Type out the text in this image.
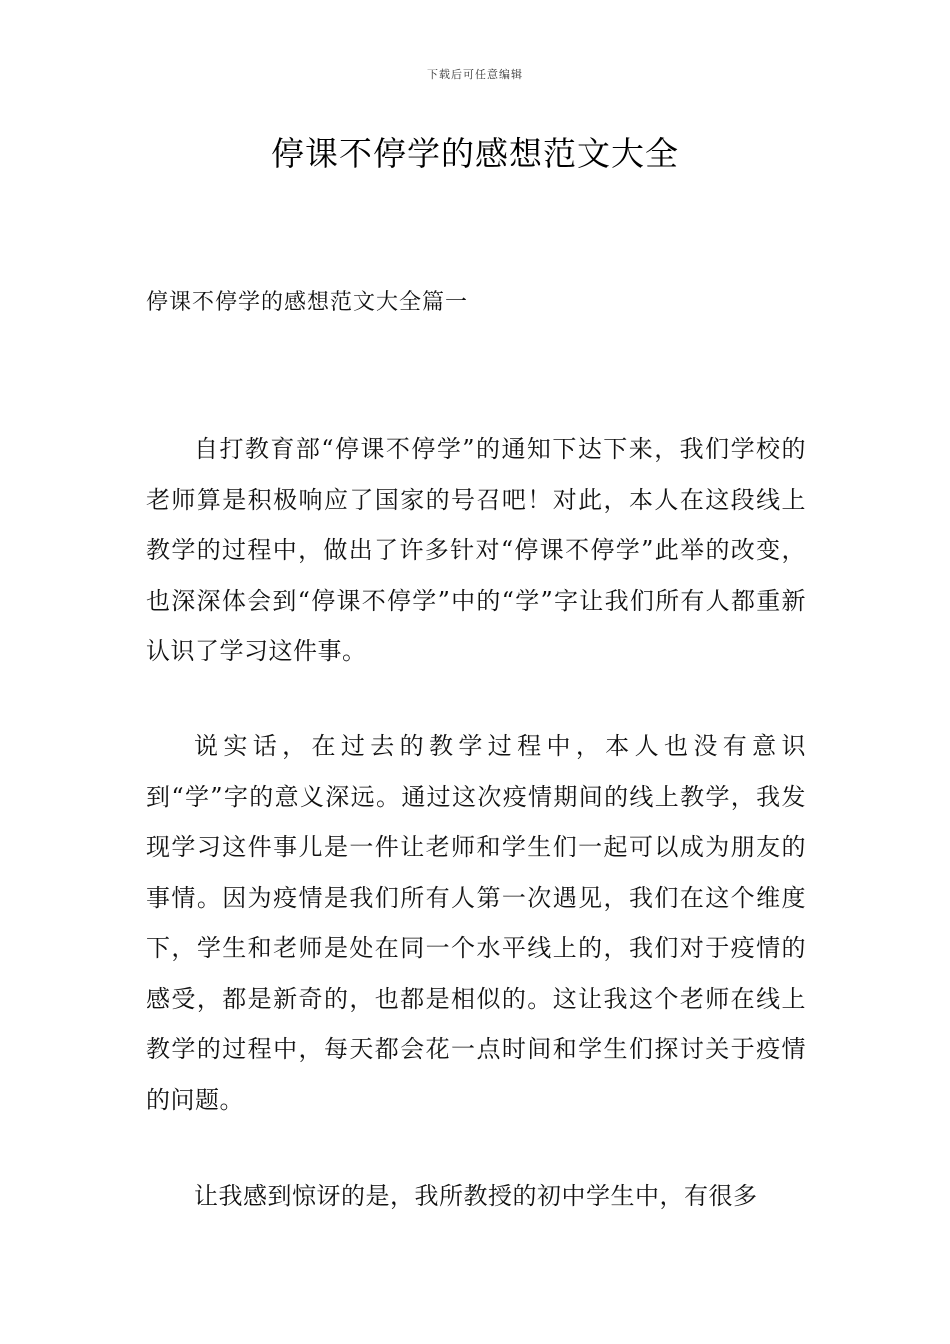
下载后可任意编辑
停课不停学的感想范文大全
停课不停学的感想范文大全篇一

自打教育部“停课不停学”的通知下达下来，我们学校的老师算是积极响应了国家的号召吧！对此，本人在这段线上教学的过程中，做出了许多针对“停课不停学”此举的改变，也深深体会到“停课不停学”中的“学”字让我们所有人都重新认识了学习这件事。

说实话，在过去的教学过程中，本人也没有意识到“学”字的意义深远。通过这次疫情期间的线上教学，我发现学习这件事儿是一件让老师和学生们一起可以成为朋友的事情。因为疫情是我们所有人第一次遇见，我们在这个维度下，学生和老师是处在同一个水平线上的，我们对于疫情的感受，都是新奇的，也都是相似的。这让我这个老师在线上教学的过程中，每天都会花一点时间和学生们探讨关于疫情的问题。

让我感到惊讶的是，我所教授的初中学生中，有很多
